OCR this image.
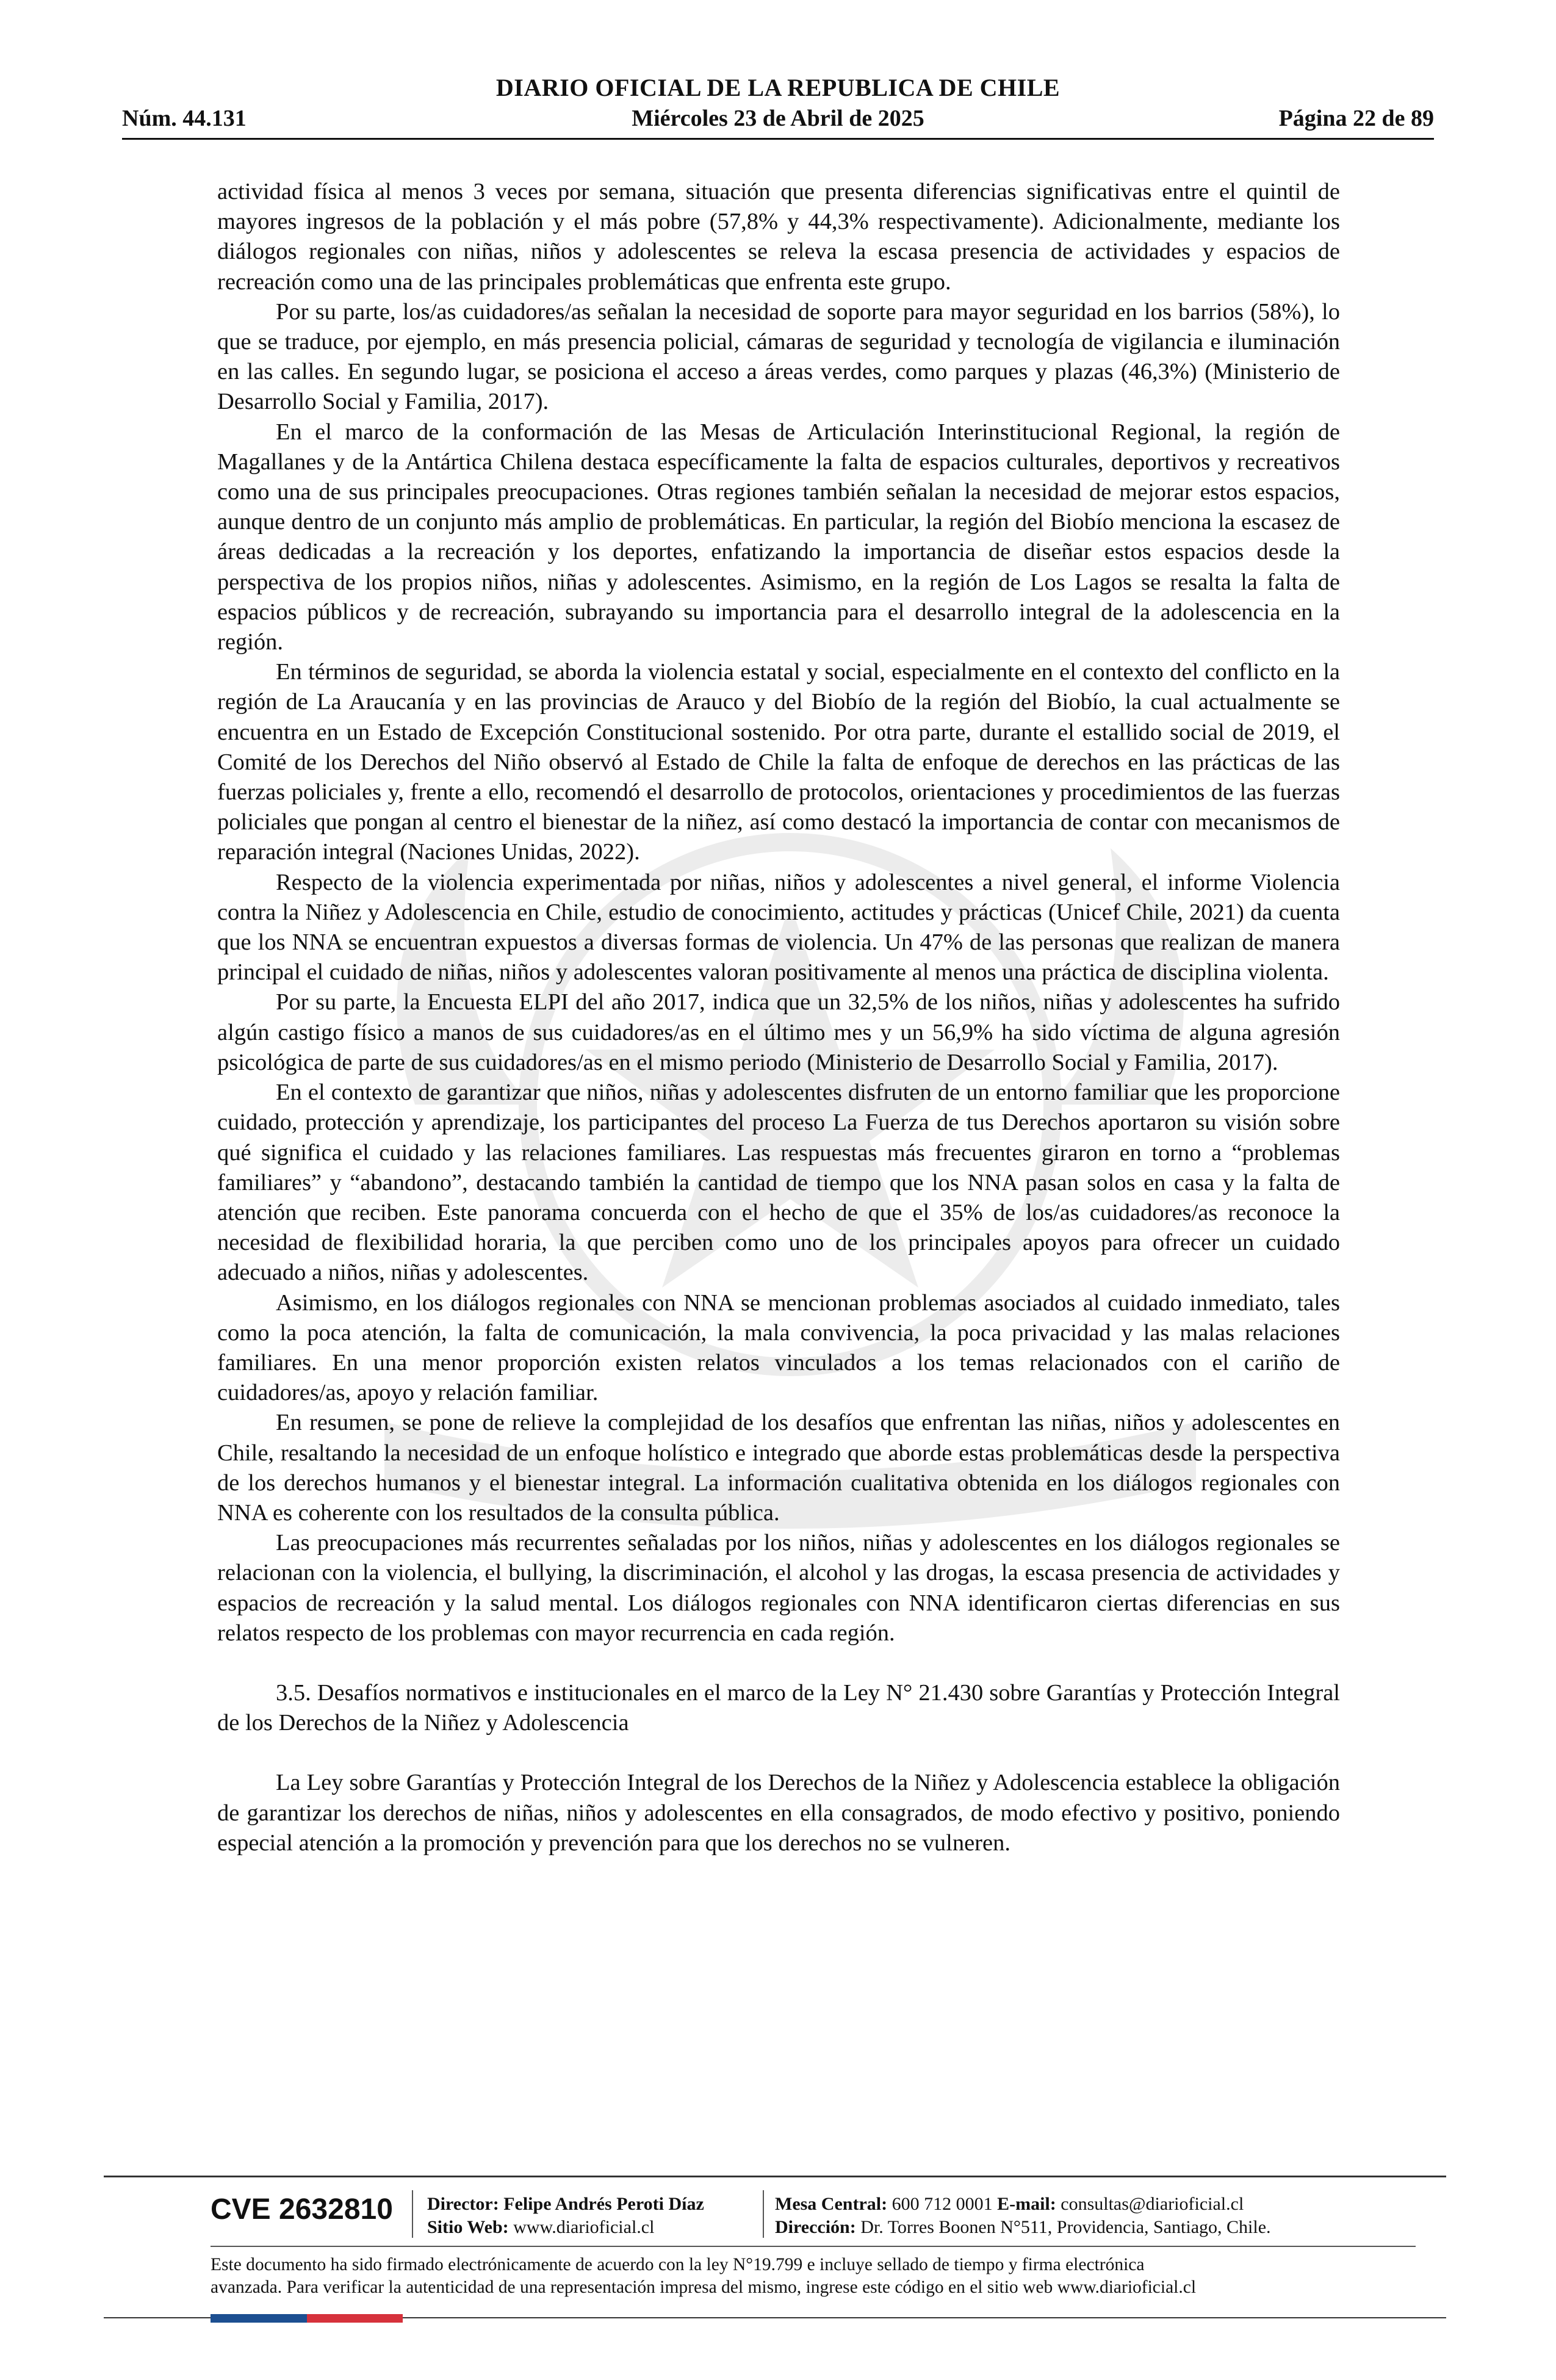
DIARIO OFICIAL DE LA REPUBLICA DE CHILE
Núm. 44.131	Miércoles 23 de Abril de 2025	Página 22 de 89

actividad física al menos 3 veces por semana, situación que presenta diferencias significativas entre el quintil de mayores ingresos de la población y el más pobre (57,8% y 44,3% respectivamente). Adicionalmente, mediante los diálogos regionales con niñas, niños y adolescentes se releva la escasa presencia de actividades y espacios de recreación como una de las principales problemáticas que enfrenta este grupo.

Por su parte, los/as cuidadores/as señalan la necesidad de soporte para mayor seguridad en los barrios (58%), lo que se traduce, por ejemplo, en más presencia policial, cámaras de seguridad y tecnología de vigilancia e iluminación en las calles. En segundo lugar, se posiciona el acceso a áreas verdes, como parques y plazas (46,3%) (Ministerio de Desarrollo Social y Familia, 2017).

En el marco de la conformación de las Mesas de Articulación Interinstitucional Regional, la región de Magallanes y de la Antártica Chilena destaca específicamente la falta de espacios culturales, deportivos y recreativos como una de sus principales preocupaciones. Otras regiones también señalan la necesidad de mejorar estos espacios, aunque dentro de un conjunto más amplio de problemáticas. En particular, la región del Biobío menciona la escasez de áreas dedicadas a la recreación y los deportes, enfatizando la importancia de diseñar estos espacios desde la perspectiva de los propios niños, niñas y adolescentes. Asimismo, en la región de Los Lagos se resalta la falta de espacios públicos y de recreación, subrayando su importancia para el desarrollo integral de la adolescencia en la región.

En términos de seguridad, se aborda la violencia estatal y social, especialmente en el contexto del conflicto en la región de La Araucanía y en las provincias de Arauco y del Biobío de la región del Biobío, la cual actualmente se encuentra en un Estado de Excepción Constitucional sostenido. Por otra parte, durante el estallido social de 2019, el Comité de los Derechos del Niño observó al Estado de Chile la falta de enfoque de derechos en las prácticas de las fuerzas policiales y, frente a ello, recomendó el desarrollo de protocolos, orientaciones y procedimientos de las fuerzas policiales que pongan al centro el bienestar de la niñez, así como destacó la importancia de contar con mecanismos de reparación integral (Naciones Unidas, 2022).

Respecto de la violencia experimentada por niñas, niños y adolescentes a nivel general, el informe Violencia contra la Niñez y Adolescencia en Chile, estudio de conocimiento, actitudes y prácticas (Unicef Chile, 2021) da cuenta que los NNA se encuentran expuestos a diversas formas de violencia. Un 47% de las personas que realizan de manera principal el cuidado de niñas, niños y adolescentes valoran positivamente al menos una práctica de disciplina violenta.

Por su parte, la Encuesta ELPI del año 2017, indica que un 32,5% de los niños, niñas y adolescentes ha sufrido algún castigo físico a manos de sus cuidadores/as en el último mes y un 56,9% ha sido víctima de alguna agresión psicológica de parte de sus cuidadores/as en el mismo periodo (Ministerio de Desarrollo Social y Familia, 2017).

En el contexto de garantizar que niños, niñas y adolescentes disfruten de un entorno familiar que les proporcione cuidado, protección y aprendizaje, los participantes del proceso La Fuerza de tus Derechos aportaron su visión sobre qué significa el cuidado y las relaciones familiares. Las respuestas más frecuentes giraron en torno a “problemas familiares” y “abandono”, destacando también la cantidad de tiempo que los NNA pasan solos en casa y la falta de atención que reciben. Este panorama concuerda con el hecho de que el 35% de los/as cuidadores/as reconoce la necesidad de flexibilidad horaria, la que perciben como uno de los principales apoyos para ofrecer un cuidado adecuado a niños, niñas y adolescentes.

Asimismo, en los diálogos regionales con NNA se mencionan problemas asociados al cuidado inmediato, tales como la poca atención, la falta de comunicación, la mala convivencia, la poca privacidad y las malas relaciones familiares. En una menor proporción existen relatos vinculados a los temas relacionados con el cariño de cuidadores/as, apoyo y relación familiar.

En resumen, se pone de relieve la complejidad de los desafíos que enfrentan las niñas, niños y adolescentes en Chile, resaltando la necesidad de un enfoque holístico e integrado que aborde estas problemáticas desde la perspectiva de los derechos humanos y el bienestar integral. La información cualitativa obtenida en los diálogos regionales con NNA es coherente con los resultados de la consulta pública.

Las preocupaciones más recurrentes señaladas por los niños, niñas y adolescentes en los diálogos regionales se relacionan con la violencia, el bullying, la discriminación, el alcohol y las drogas, la escasa presencia de actividades y espacios de recreación y la salud mental. Los diálogos regionales con NNA identificaron ciertas diferencias en sus relatos respecto de los problemas con mayor recurrencia en cada región.

3.5. Desafíos normativos e institucionales en el marco de la Ley N° 21.430 sobre Garantías y Protección Integral de los Derechos de la Niñez y Adolescencia

La Ley sobre Garantías y Protección Integral de los Derechos de la Niñez y Adolescencia establece la obligación de garantizar los derechos de niñas, niños y adolescentes en ella consagrados, de modo efectivo y positivo, poniendo especial atención a la promoción y prevención para que los derechos no se vulneren.

CVE 2632810 Director: Felipe Andrés Peroti Díaz
Sitio Web: www.diarioficial.cl
Mesa Central: 600 712 0001 E-mail: consultas@diarioficial.cl
Dirección: Dr. Torres Boonen N°511, Providencia, Santiago, Chile.
Este documento ha sido firmado electrónicamente de acuerdo con la ley N°19.799 e incluye sellado de tiempo y firma electrónica
avanzada. Para verificar la autenticidad de una representación impresa del mismo, ingrese este código en el sitio web www.diarioficial.cl
